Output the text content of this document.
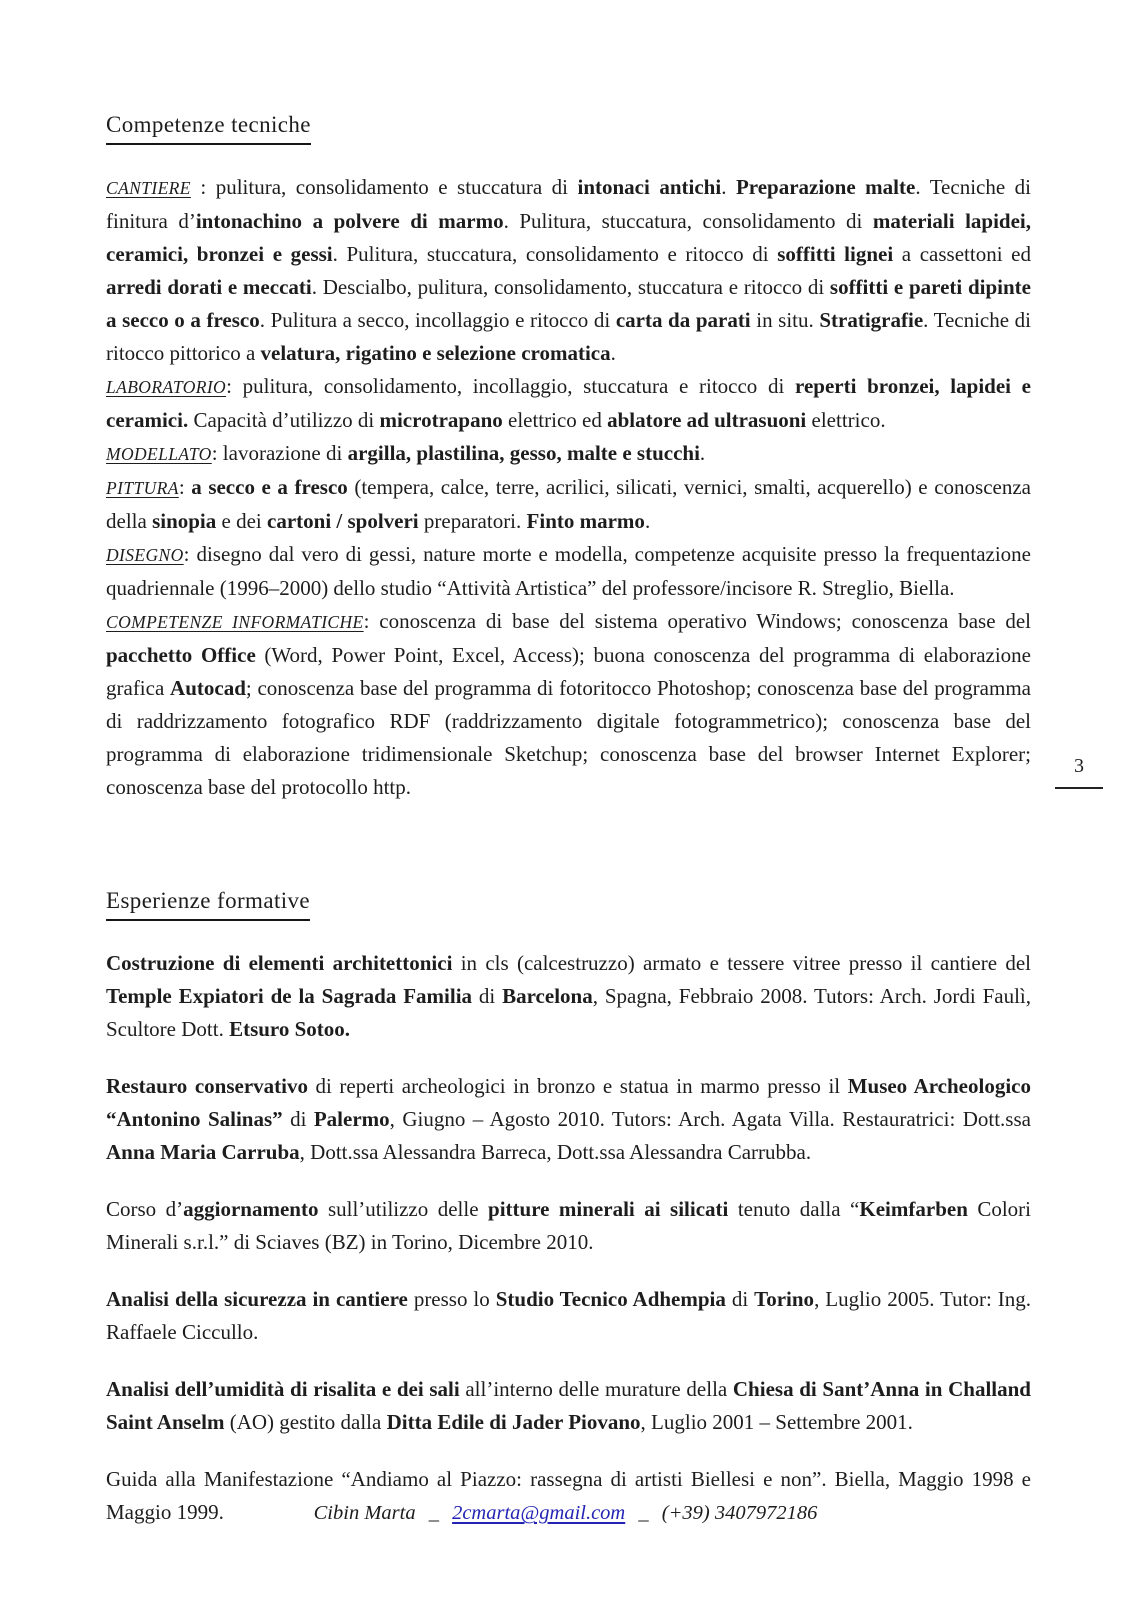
Competenze tecniche

CANTIERE : pulitura, consolidamento e stuccatura di intonaci antichi. Preparazione malte. Tecniche di finitura d’intonachino a polvere di marmo. Pulitura, stuccatura, consolidamento di materiali lapidei, ceramici, bronzei e gessi. Pulitura, stuccatura, consolidamento e ritocco di soffitti lignei a cassettoni ed arredi dorati e meccati. Descialbo, pulitura, consolidamento, stuccatura e ritocco di soffitti e pareti dipinte a secco o a fresco. Pulitura a secco, incollaggio e ritocco di carta da parati in situ. Stratigrafie. Tecniche di ritocco pittorico a velatura, rigatino e selezione cromatica.

LABORATORIO: pulitura, consolidamento, incollaggio, stuccatura e ritocco di reperti bronzei, lapidei e ceramici. Capacità d’utilizzo di microtrapano elettrico ed ablatore ad ultrasuoni elettrico.

MODELLATO: lavorazione di argilla, plastilina, gesso, malte e stucchi.

PITTURA: a secco e a fresco (tempera, calce, terre, acrilici, silicati, vernici, smalti, acquerello) e conoscenza della sinopia e dei cartoni / spolveri preparatori. Finto marmo.

DISEGNO: disegno dal vero di gessi, nature morte e modella, competenze acquisite presso la frequentazione quadriennale (1996–2000) dello studio “Attività Artistica” del professore/incisore R. Streglio, Biella.

COMPETENZE INFORMATICHE: conoscenza di base del sistema operativo Windows; conoscenza base del pacchetto Office (Word, Power Point, Excel, Access); buona conoscenza del programma di elaborazione grafica Autocad; conoscenza base del programma di fotoritocco Photoshop; conoscenza base del programma di raddrizzamento fotografico RDF (raddrizzamento digitale fotogrammetrico); conoscenza base del programma di elaborazione tridimensionale Sketchup; conoscenza base del browser Internet Explorer; conoscenza base del protocollo http.

3
Esperienze formative

Costruzione di elementi architettonici in cls (calcestruzzo) armato e tessere vitree presso il cantiere del Temple Expiatori de la Sagrada Familia di Barcelona, Spagna, Febbraio 2008. Tutors: Arch. Jordi Faulì, Scultore Dott. Etsuro Sotoo.

Restauro conservativo di reperti archeologici in bronzo e statua in marmo presso il Museo Archeologico “Antonino Salinas” di Palermo, Giugno – Agosto 2010. Tutors: Arch. Agata Villa. Restauratrici: Dott.ssa Anna Maria Carruba, Dott.ssa Alessandra Barreca, Dott.ssa Alessandra Carrubba.

Corso d’aggiornamento sull’utilizzo delle pitture minerali ai silicati tenuto dalla “Keimfarben Colori Minerali s.r.l.” di Sciaves (BZ) in Torino, Dicembre 2010.

Analisi della sicurezza in cantiere presso lo Studio Tecnico Adhempia di Torino, Luglio 2005. Tutor: Ing. Raffaele Ciccullo.

Analisi dell’umidità di risalita e dei sali all’interno delle murature della Chiesa di Sant’Anna in Challand Saint Anselm (AO) gestito dalla Ditta Edile di Jader Piovano, Luglio 2001 – Settembre 2001.

Guida alla Manifestazione “Andiamo al Piazzo: rassegna di artisti Biellesi e non”. Biella, Maggio 1998 e Maggio 1999.	Cibin Marta _ 2cmarta@gmail.com _ (+39) 3407972186
